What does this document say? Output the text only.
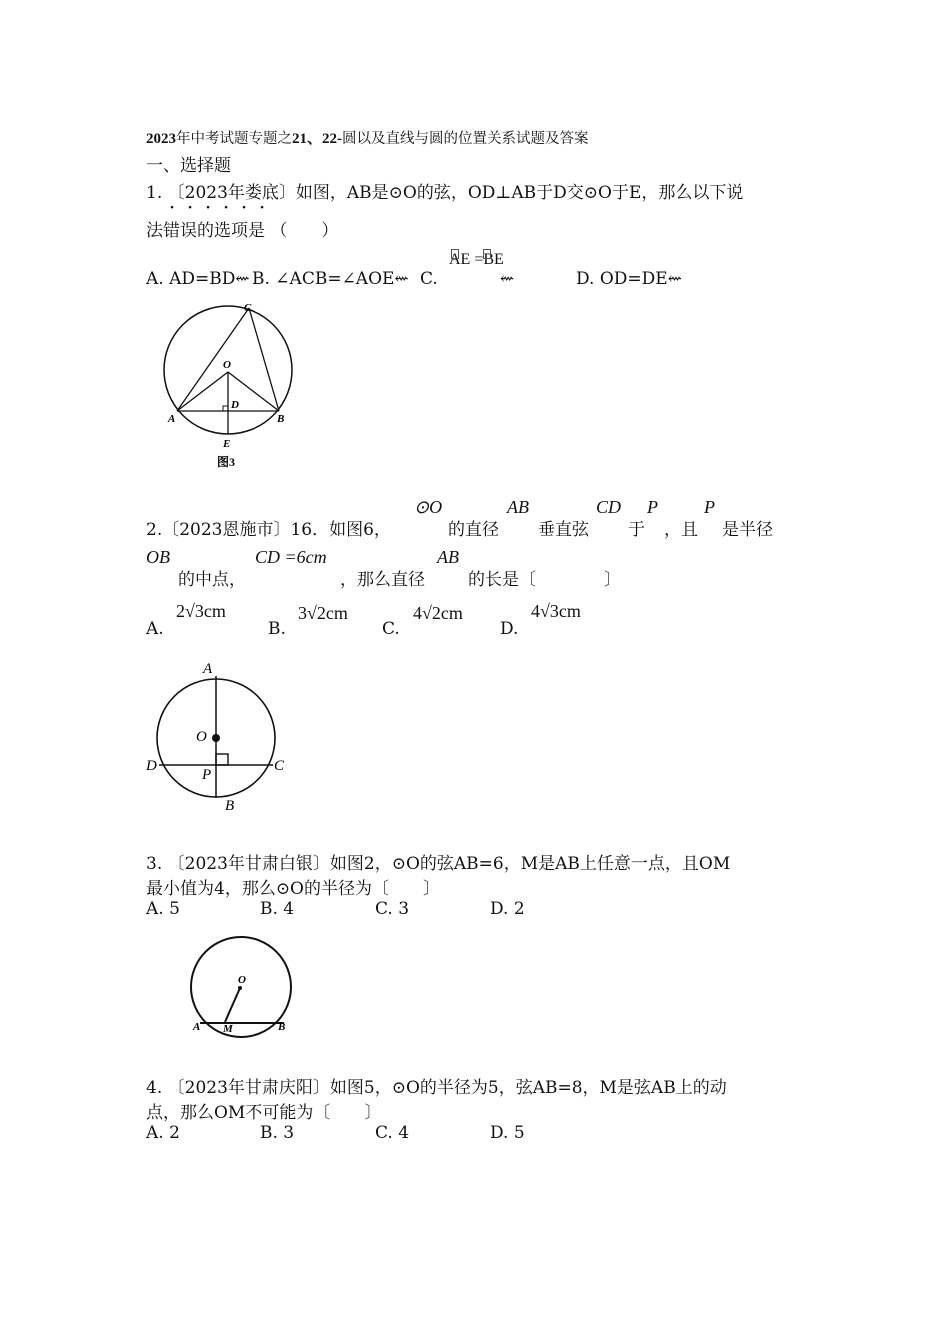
2023年中考试题专题之21、22-圆以及直线与圆的位置关系试题及答案
一、选择题
1. 〔2023年娄底〕如图，AB是⊙O的弦，OD⊥AB于D交⊙O于E，那么以下说
· · · · · ·
法错误的选项是 （　　）
A. AD=BD⇜ B. ∠ACB=∠AOE⇜ C.
AE =BE
⇜	D. OD=DE⇜
C
O
D
A	B
E
图3
2.〔2023恩施市〕16．如图6，
⊙O
的直径
AB
垂直弦
CD
于
P
，且
P
是半径
OB
的中点，
CD =6cm
，那么直径
AB
的长是〔　　　　〕
A.
2√3cm
B.
3√2cm
C.
4√2cm
D.
4√3cm
A
O
D
P
C
B
3. 〔2023年甘肃白银〕如图2，⊙O的弦AB=6，M是AB上任意一点，且OM
最小值为4，那么⊙O的半径为〔　　〕
A. 5	B. 4	C. 3	D. 2
O
A M	B
4. 〔2023年甘肃庆阳〕如图5，⊙O的半径为5，弦AB=8，M是弦AB上的动
点，那么OM不可能为〔　　〕
A. 2	B. 3	C. 4	D. 5
